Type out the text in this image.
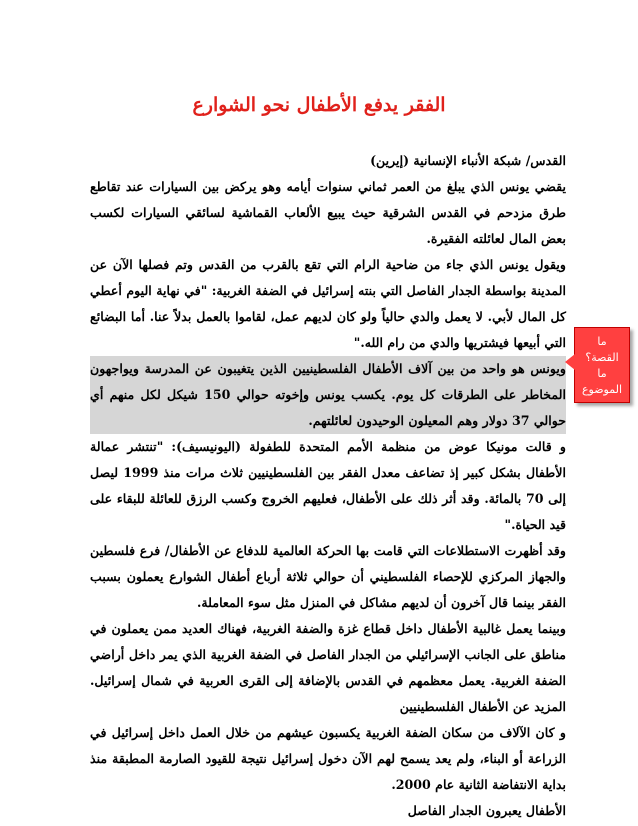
الفقر يدفع الأطفال نحو الشوارع

القدس/ شبكة الأنباء الإنسانية (إيرين)

يقضي يونس الذي يبلغ من العمر ثماني سنوات أيامه وهو يركض بين السيارات عند تقاطع طرق مزدحم في القدس الشرقية حيث يبيع الألعاب القماشية لسائقي السيارات لكسب بعض المال لعائلته الفقيرة.

ويقول يونس الذي جاء من ضاحية الرام التي تقع بالقرب من القدس وتم فصلها الآن عن المدينة بواسطة الجدار الفاصل التي بنته إسرائيل في الضفة الغربية: "في نهاية اليوم أعطي كل المال لأبي. لا يعمل والدي حالياً ولو كان لديهم عمل، لقاموا بالعمل بدلاً عنا. أما البضائع التي أبيعها فيشتريها والدي من رام الله."

ويونس هو واحد من بين آلاف الأطفال الفلسطينيين الذين يتغيبون عن المدرسة ويواجهون المخاطر على الطرقات كل يوم. يكسب يونس وإخوته حوالي 150 شيكل لكل منهم أي حوالي 37 دولار وهم المعيلون الوحيدون لعائلتهم.

و قالت مونيكا عوض من منظمة الأمم المتحدة للطفولة (اليونيسيف): "تنتشر عمالة الأطفال بشكل كبير إذ تضاعف معدل الفقر بين الفلسطينيين ثلاث مرات منذ 1999 ليصل إلى 70 بالمائة. وقد أثر ذلك على الأطفال، فعليهم الخروج وكسب الرزق للعائلة للبقاء على قيد الحياة."

وقد أظهرت الاستطلاعات التي قامت بها الحركة العالمية للدفاع عن الأطفال/ فرع فلسطين والجهاز المركزي للإحصاء الفلسطيني أن حوالي ثلاثة أرباع أطفال الشوارع يعملون بسبب الفقر بينما قال آخرون أن لديهم مشاكل في المنزل مثل سوء المعاملة.

وبينما يعمل غالبية الأطفال داخل قطاع غزة والضفة الغربية، فهناك العديد ممن يعملون في مناطق على الجانب الإسرائيلي من الجدار الفاصل في الضفة الغربية الذي يمر داخل أراضي الضفة الغربية. يعمل معظمهم في القدس بالإضافة إلى القرى العربية في شمال إسرائيل. المزيد عن الأطفال الفلسطينيين

و كان الآلاف من سكان الضفة الغربية يكسبون عيشهم من خلال العمل داخل إسرائيل في الزراعة أو البناء، ولم يعد يسمح لهم الآن دخول إسرائيل نتيجة للقيود الصارمة المطبقة منذ بداية الانتفاضة الثانية عام 2000.

الأطفال يعبرون الجدار الفاصل

ما
القصة؟
ما
الموضوع
